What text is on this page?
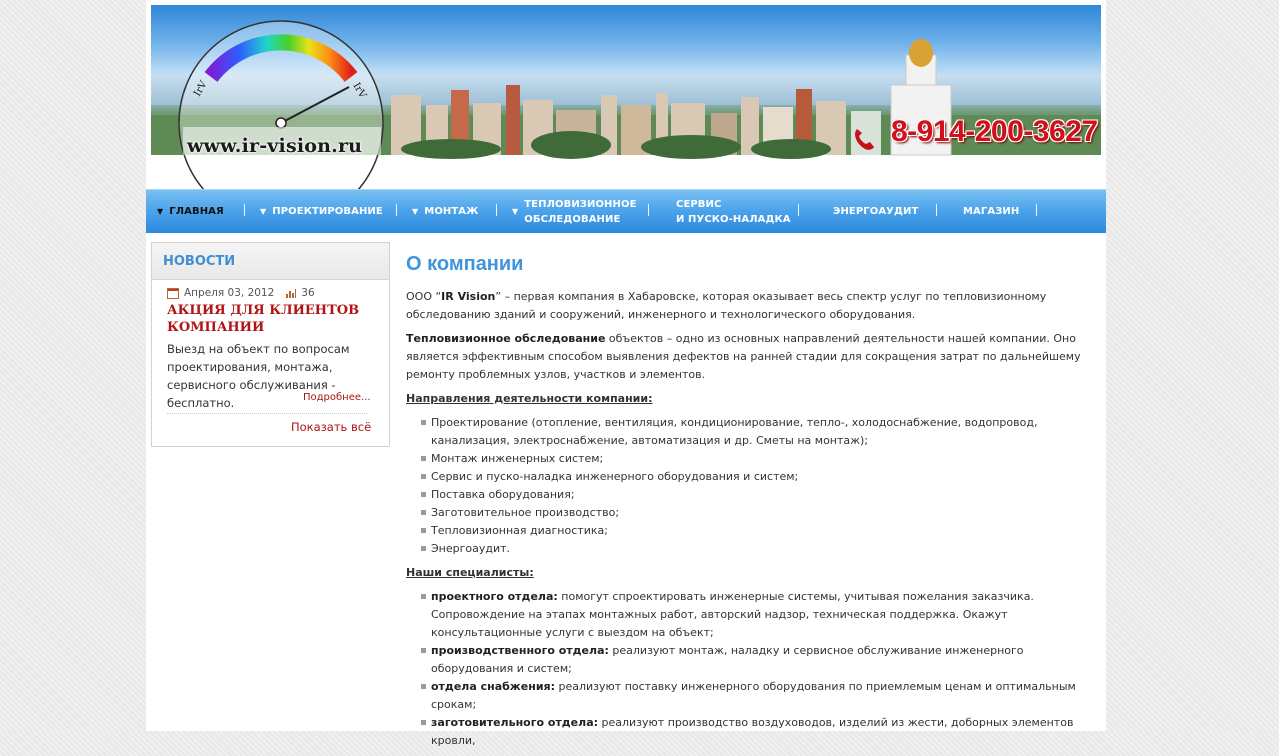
IrV	IrV
www.ir-vision.ru	8-914-200-3627
▼ ГЛАВНАЯ	▼ ПРОЕКТИРОВАНИЕ	▼ МОНТАЖ	▼
ТЕПЛОВИЗИОННОЕ
ОБСЛЕДОВАНИЕ
СЕРВИС
И ПУСКО-НАЛАДКА
ЭНЕРГОАУДИТ	МАГАЗИН
НОВОСТИ
Апреля 03, 2012	36
АКЦИЯ ДЛЯ КЛИЕНТОВ КОМПАНИИ
Выезд на объект по вопросам проектирования, монтажа, сервисного обслуживания - бесплатно.	Подробнее...
Показать всё
О компании

ООО “IR Vision” – первая компания в Хабаровске, которая оказывает весь спектр услуг по тепловизионному обследованию зданий и сооружений, инженерного и технологического оборудования.

Тепловизионное обследование объектов – одно из основных направлений деятельности нашей компании. Оно является эффективным способом выявления дефектов на ранней стадии для сокращения затрат по дальнейшему ремонту проблемных узлов, участков и элементов.

Направления деятельности компании:
Проектирование (отопление, вентиляция, кондиционирование, тепло-, холодоснабжение, водопровод, канализация, электроснабжение, автоматизация и др. Сметы на монтаж);
Монтаж инженерных систем;
Сервис и пуско-наладка инженерного оборудования и систем;
Поставка оборудования;
Заготовительное производство;
Тепловизионная диагностика;
Энергоаудит.
Наши специалисты:
проектного отдела: помогут спроектировать инженерные системы, учитывая пожелания заказчика. Сопровождение на этапах монтажных работ, авторский надзор, техническая поддержка. Окажут консультационные услуги с выездом на объект;
производственного отдела: реализуют монтаж, наладку и сервисное обслуживание инженерного оборудования и систем;
отдела снабжения: реализуют поставку инженерного оборудования по приемлемым ценам и оптимальным срокам;
заготовительного отдела: реализуют производство воздуховодов, изделий из жести, доборных элементов кровли,
